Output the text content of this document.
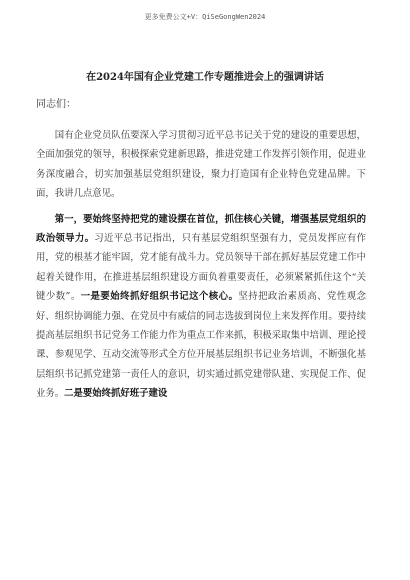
更多免费公文+V：QiSeGongWen2024
在2024年国有企业党建工作专题推进会上的强调讲话
同志们：

国有企业党员队伍要深入学习贯彻习近平总书记关于党的建设的重要思想，全面加强党的领导，积极探索党建新思路，推进党建工作发挥引领作用，促进业务深度融合，切实加强基层党组织建设，聚力打造国有企业特色党建品牌。下面，我讲几点意见。

第一，要始终坚持把党的建设摆在首位，抓住核心关键，增强基层党组织的政治领导力。习近平总书记指出，只有基层党组织坚强有力，党员发挥应有作用，党的根基才能牢固，党才能有战斗力。党员领导干部在抓好基层党建工作中起着关键作用，在推进基层组织建设方面负着重要责任，必须紧紧抓住这个“关键少数”。一是要始终抓好组织书记这个核心。坚持把政治素质高、党性观念好、组织协调能力强、在党员中有威信的同志选拔到岗位上来发挥作用。要持续提高基层组织书记党务工作能力作为重点工作来抓，积极采取集中培训、理论授课、参观见学、互动交流等形式全方位开展基层组织书记业务培训，不断强化基层组织书记抓党建第一责任人的意识，切实通过抓党建带队建、实现促工作、促业务。二是要始终抓好班子建设
